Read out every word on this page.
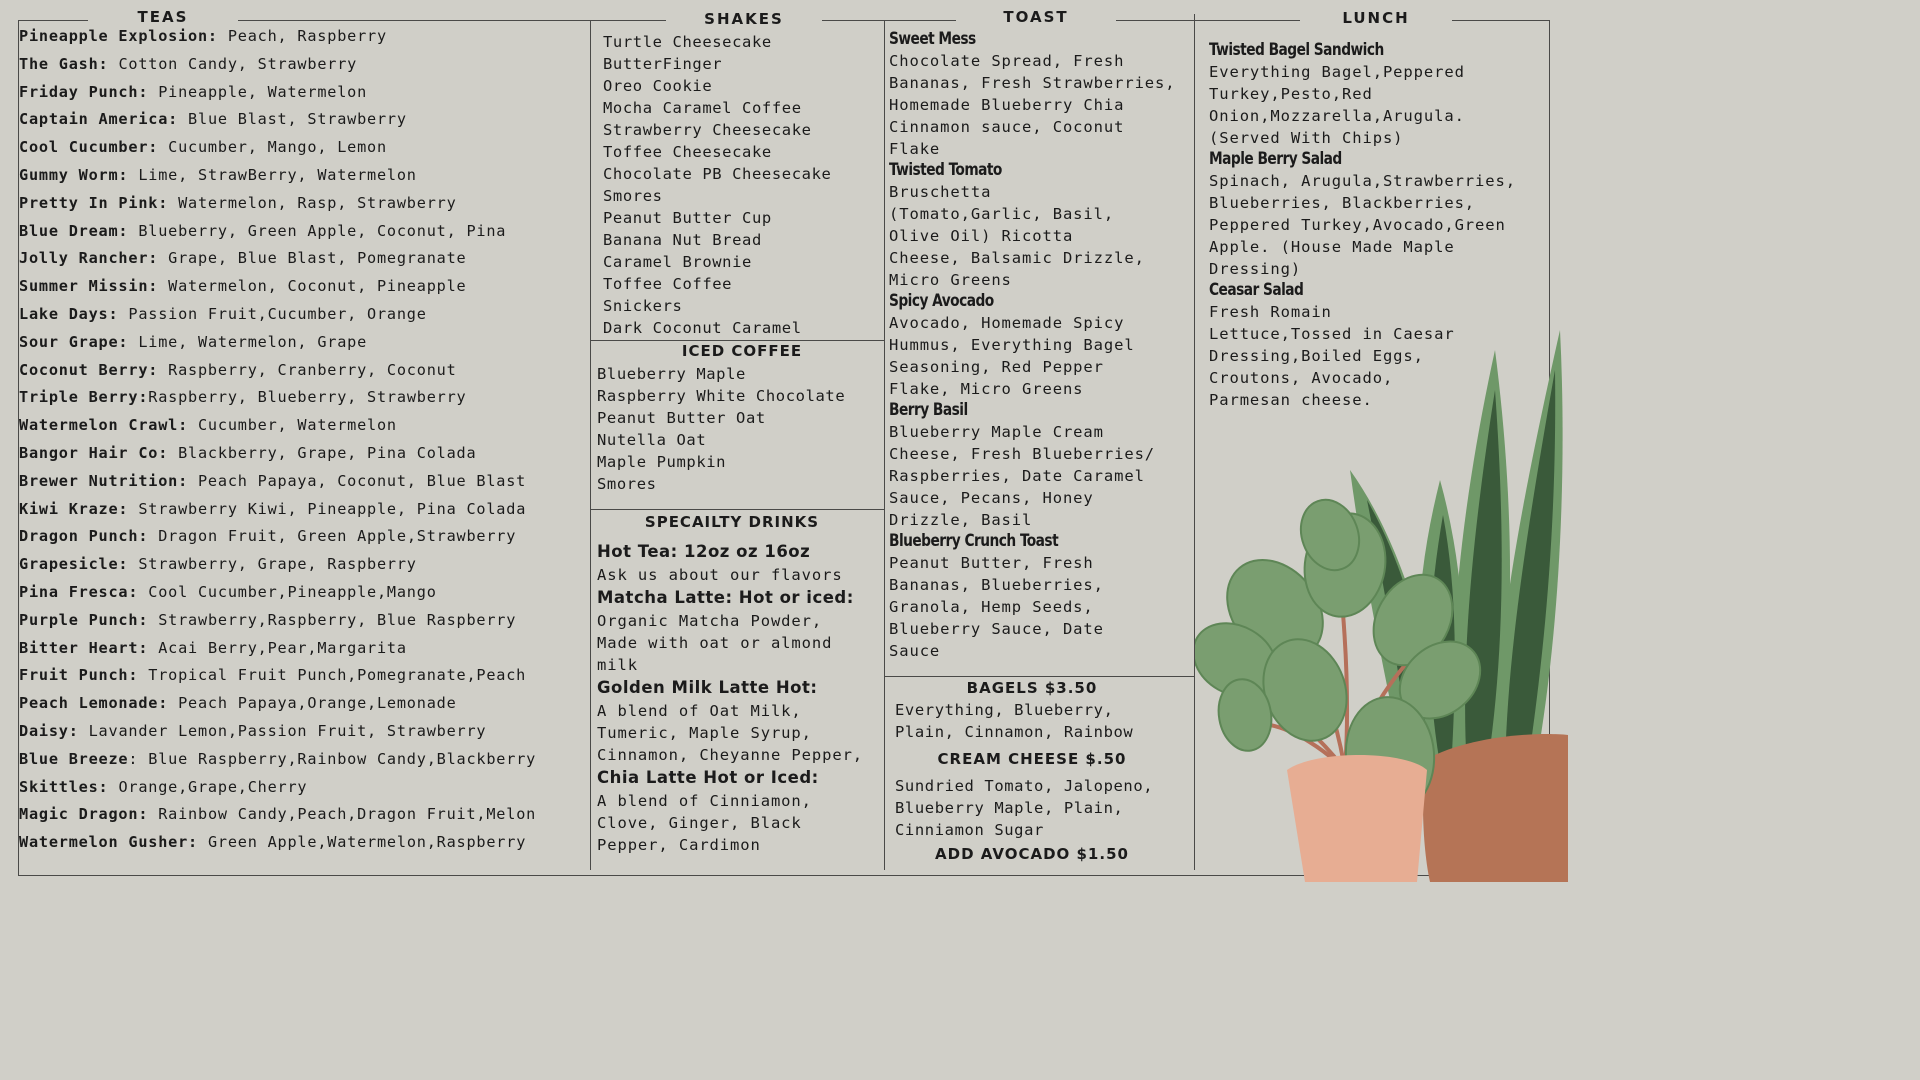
TEAS	SHAKES	TOAST	LUNCH
Pineapple Explosion: Peach, Raspberry
The Gash: Cotton Candy, Strawberry
Friday Punch: Pineapple, Watermelon
Captain America: Blue Blast, Strawberry
Cool Cucumber: Cucumber, Mango, Lemon
Gummy Worm: Lime, StrawBerry, Watermelon
Pretty In Pink: Watermelon, Rasp, Strawberry
Blue Dream: Blueberry, Green Apple, Coconut, Pina
Jolly Rancher: Grape, Blue Blast, Pomegranate
Summer Missin: Watermelon, Coconut, Pineapple
Lake Days: Passion Fruit,Cucumber, Orange
Sour Grape: Lime, Watermelon, Grape
Coconut Berry: Raspberry, Cranberry, Coconut
Triple Berry:Raspberry, Blueberry, Strawberry
Watermelon Crawl: Cucumber, Watermelon
Bangor Hair Co: Blackberry, Grape, Pina Colada
Brewer Nutrition: Peach Papaya, Coconut, Blue Blast
Kiwi Kraze: Strawberry Kiwi, Pineapple, Pina Colada
Dragon Punch: Dragon Fruit, Green Apple,Strawberry
Grapesicle: Strawberry, Grape, Raspberry
Pina Fresca: Cool Cucumber,Pineapple,Mango
Purple Punch: Strawberry,Raspberry, Blue Raspberry
Bitter Heart: Acai Berry,Pear,Margarita
Fruit Punch: Tropical Fruit Punch,Pomegranate,Peach
Peach Lemonade: Peach Papaya,Orange,Lemonade
Daisy: Lavander Lemon,Passion Fruit, Strawberry
Blue Breeze: Blue Raspberry,Rainbow Candy,Blackberry
Skittles: Orange,Grape,Cherry
Magic Dragon: Rainbow Candy,Peach,Dragon Fruit,Melon
Watermelon Gusher: Green Apple,Watermelon,Raspberry
Turtle Cheesecake
ButterFinger
Oreo Cookie
Mocha Caramel Coffee
Strawberry Cheesecake
Toffee Cheesecake
Chocolate PB Cheesecake
Smores
Peanut Butter Cup
Banana Nut Bread
Caramel Brownie
Toffee Coffee
Snickers
Dark Coconut Caramel
ICED COFFEE
Blueberry Maple
Raspberry White Chocolate
Peanut Butter Oat
Nutella Oat
Maple Pumpkin
Smores
SPECAILTY DRINKS
Hot Tea: 12oz oz 16oz
Ask us about our flavors
Matcha Latte: Hot or iced:
Organic Matcha Powder,
Made with oat or almond
milk
Golden Milk Latte Hot:
A blend of Oat Milk,
Tumeric, Maple Syrup,
Cinnamon, Cheyanne Pepper,
Chia Latte Hot or Iced:
A blend of Cinniamon,
Clove, Ginger, Black
Pepper, Cardimon
Sweet Mess
Chocolate Spread, Fresh
Bananas, Fresh Strawberries,
Homemade Blueberry Chia
Cinnamon sauce, Coconut
Flake
Twisted Tomato
Bruschetta
(Tomato,Garlic, Basil,
Olive Oil) Ricotta
Cheese, Balsamic Drizzle,
Micro Greens
Spicy Avocado
Avocado, Homemade Spicy
Hummus, Everything Bagel
Seasoning, Red Pepper
Flake, Micro Greens
Berry Basil
Blueberry Maple Cream
Cheese, Fresh Blueberries/
Raspberries, Date Caramel
Sauce, Pecans, Honey
Drizzle, Basil
Blueberry Crunch Toast
Peanut Butter, Fresh
Bananas, Blueberries,
Granola, Hemp Seeds,
Blueberry Sauce, Date
Sauce
BAGELS $3.50
Everything, Blueberry,
Plain, Cinnamon, Rainbow
CREAM CHEESE $.50
Sundried Tomato, Jalopeno,
Blueberry Maple, Plain,
Cinniamon Sugar
ADD AVOCADO $1.50
Twisted Bagel Sandwich
Everything Bagel,Peppered
Turkey,Pesto,Red
Onion,Mozzarella,Arugula.
(Served With Chips)
Maple Berry Salad
Spinach, Arugula,Strawberries,
Blueberries, Blackberries,
Peppered Turkey,Avocado,Green
Apple. (House Made Maple
Dressing)
Ceasar Salad
Fresh Romain
Lettuce,Tossed in Caesar
Dressing,Boiled Eggs,
Croutons, Avocado,
Parmesan cheese.
